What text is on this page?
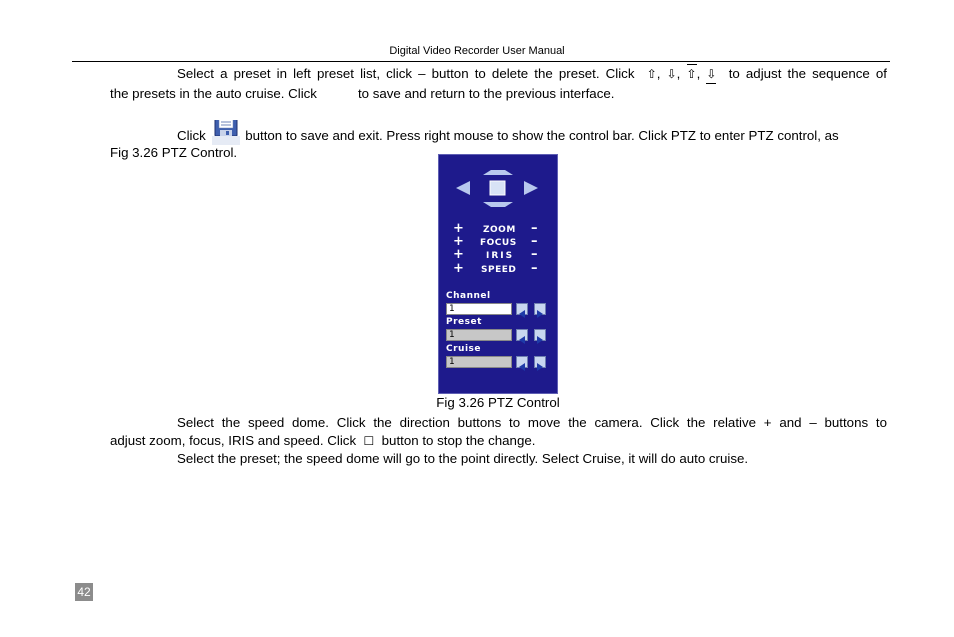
Digital Video Recorder User Manual
Select a preset in left preset list, click – button to delete the preset. Click ⇧, ⇩, ⇧, ⇩ to adjust the sequence of
the presets in the auto cruise. Click	to save and return to the previous interface.
Click	button to save and exit. Press right mouse to show the control bar. Click PTZ to enter PTZ control, as
Fig 3.26 PTZ Control.
+ ZOOM –
+ FOCUS –
+ IRIS –
+ SPEED –
Channel
1
Preset
1
Cruise
1
Fig 3.26 PTZ Control
Select the speed dome. Click the direction buttons to move the camera. Click the relative + and – buttons to
adjust zoom, focus, IRIS and speed. Click ☐ button to stop the change.
Select the preset; the speed dome will go to the point directly. Select Cruise, it will do auto cruise.
42
